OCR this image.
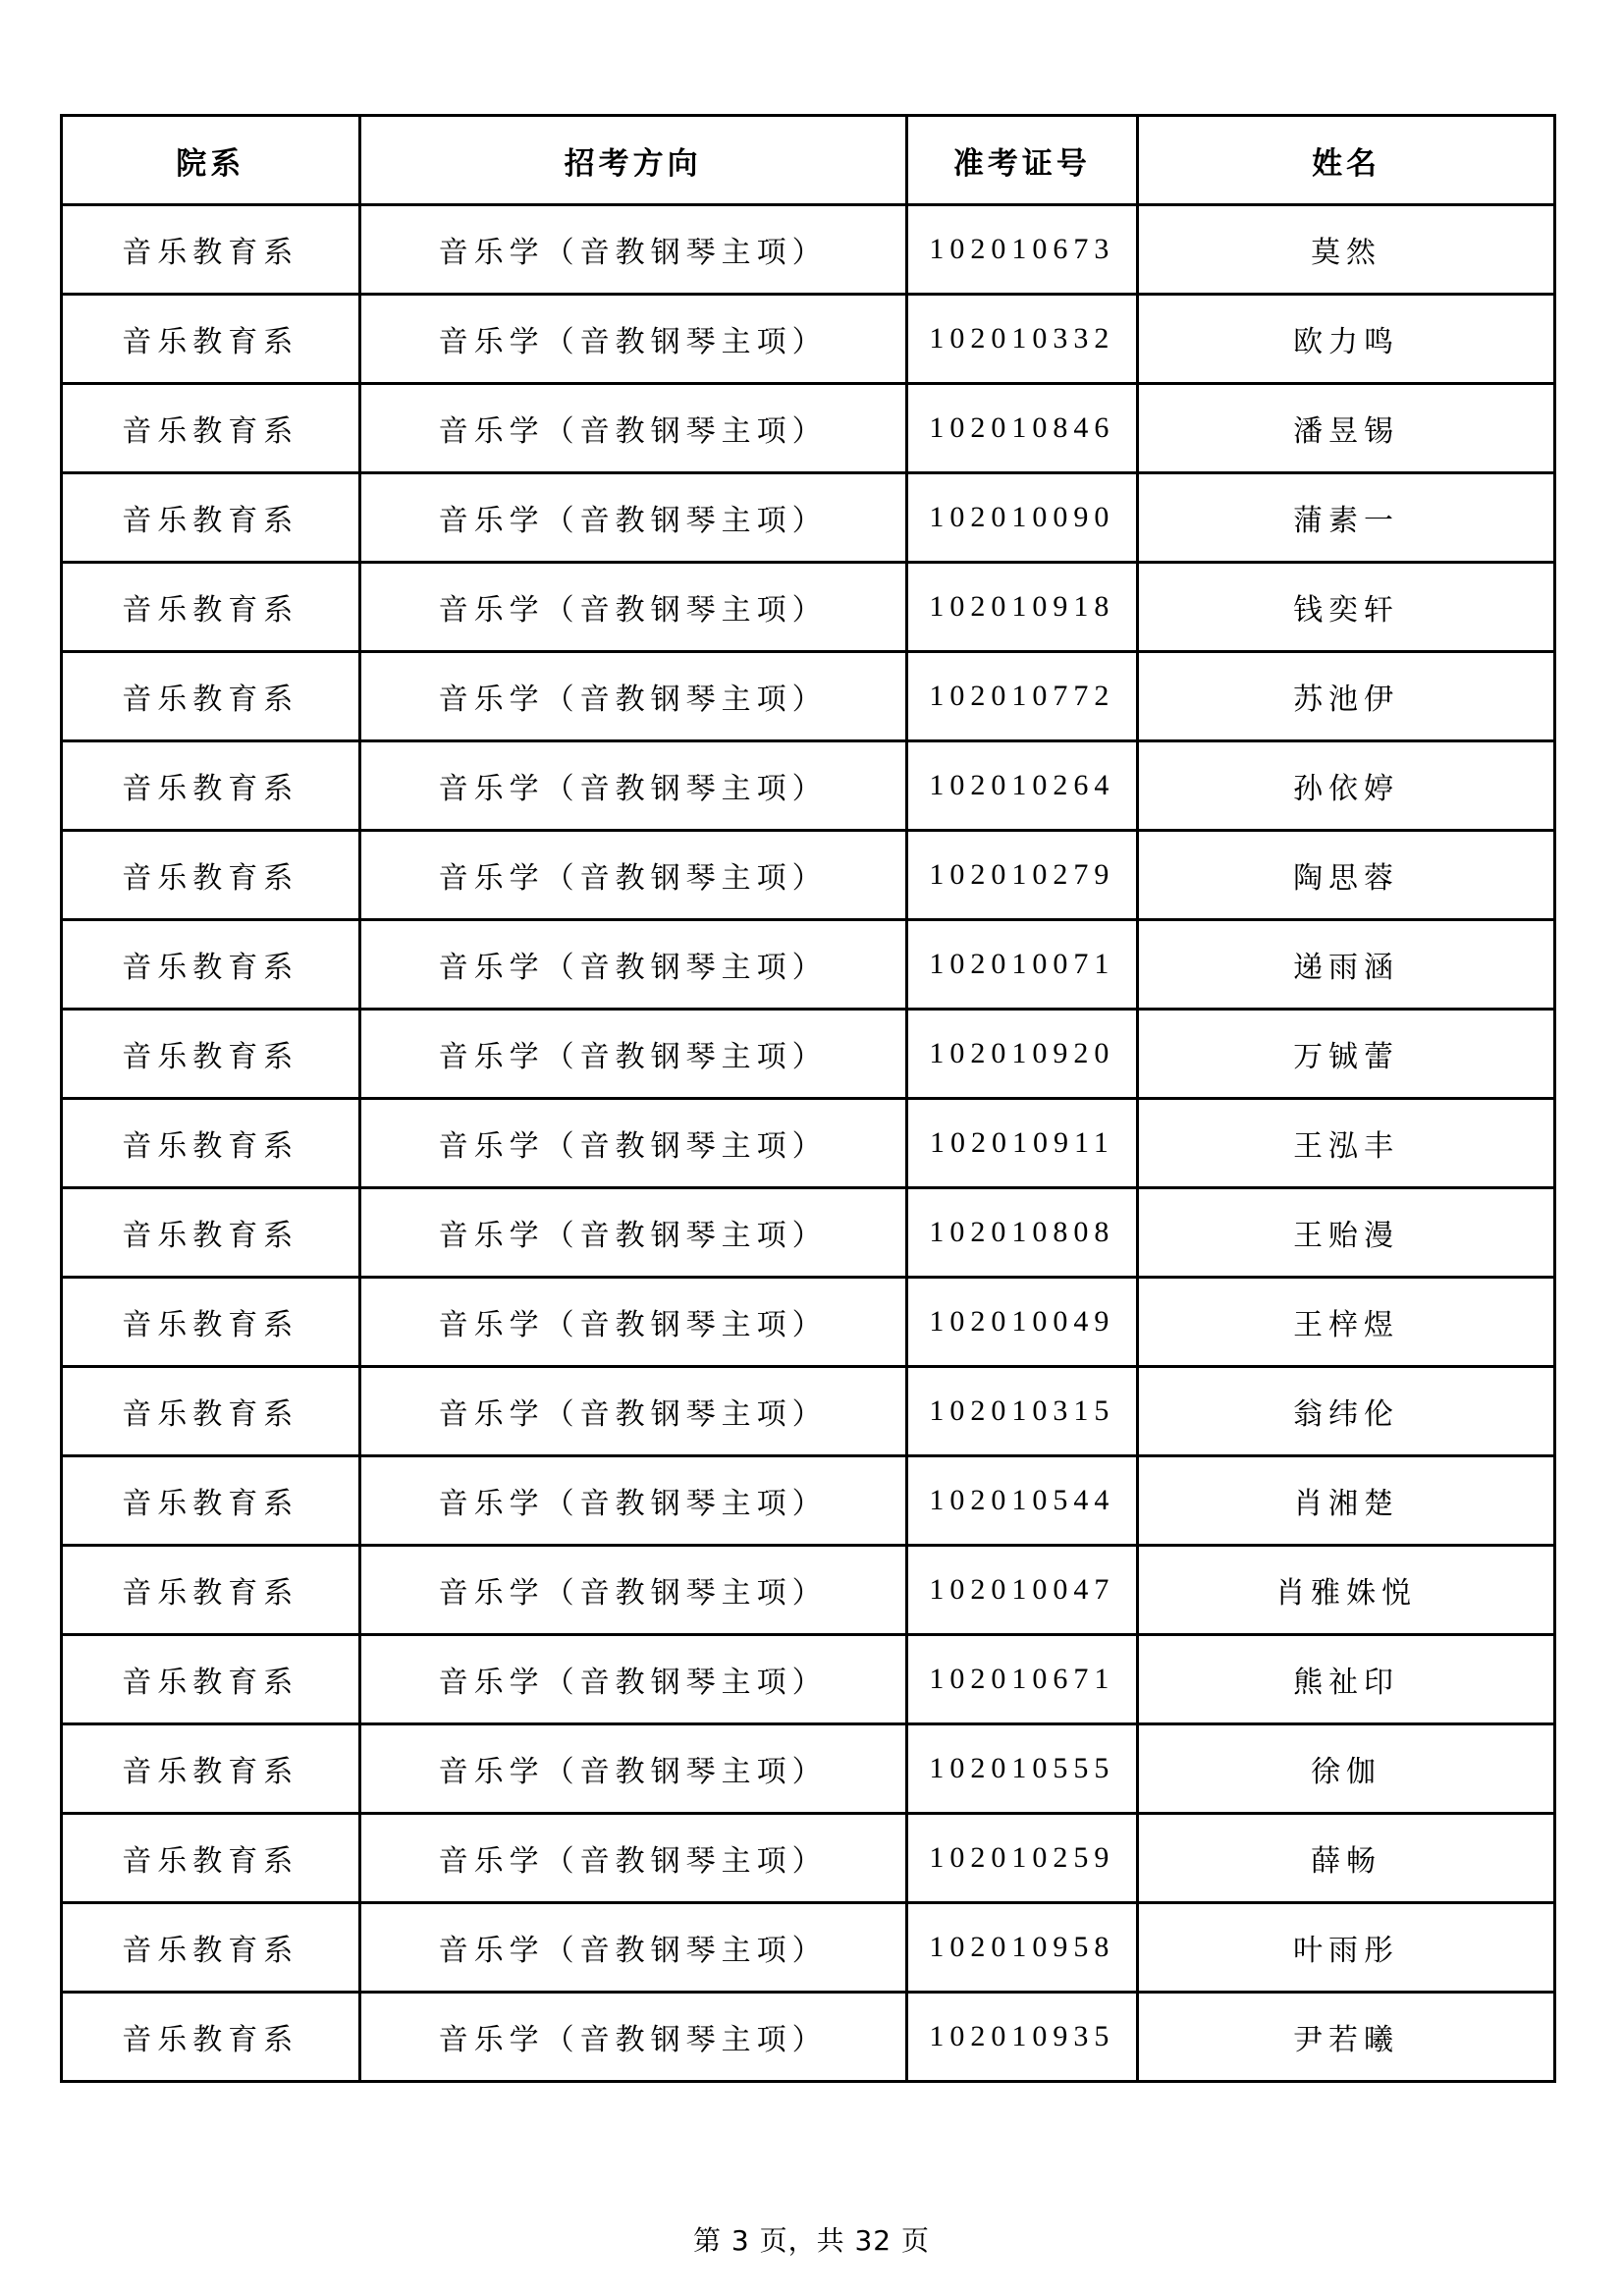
院系	招考方向	准考证号	姓名
音乐教育系	音乐学（音教钢琴主项）	102010673	莫然
音乐教育系	音乐学（音教钢琴主项）	102010332	欧力鸣
音乐教育系	音乐学（音教钢琴主项）	102010846	潘昱锡
音乐教育系	音乐学（音教钢琴主项）	102010090	蒲素一
音乐教育系	音乐学（音教钢琴主项）	102010918	钱奕轩
音乐教育系	音乐学（音教钢琴主项）	102010772	苏池伊
音乐教育系	音乐学（音教钢琴主项）	102010264	孙依婷
音乐教育系	音乐学（音教钢琴主项）	102010279	陶思蓉
音乐教育系	音乐学（音教钢琴主项）	102010071	递雨涵
音乐教育系	音乐学（音教钢琴主项）	102010920	万铖蕾
音乐教育系	音乐学（音教钢琴主项）	102010911	王泓丰
音乐教育系	音乐学（音教钢琴主项）	102010808	王贻漫
音乐教育系	音乐学（音教钢琴主项）	102010049	王梓煜
音乐教育系	音乐学（音教钢琴主项）	102010315	翁纬伦
音乐教育系	音乐学（音教钢琴主项）	102010544	肖湘楚
音乐教育系	音乐学（音教钢琴主项）	102010047	肖雅姝悦
音乐教育系	音乐学（音教钢琴主项）	102010671	熊祉印
音乐教育系	音乐学（音教钢琴主项）	102010555	徐伽
音乐教育系	音乐学（音教钢琴主项）	102010259	薛畅
音乐教育系	音乐学（音教钢琴主项）	102010958	叶雨彤
音乐教育系	音乐学（音教钢琴主项）	102010935	尹若曦
第 3 页，共 32 页
